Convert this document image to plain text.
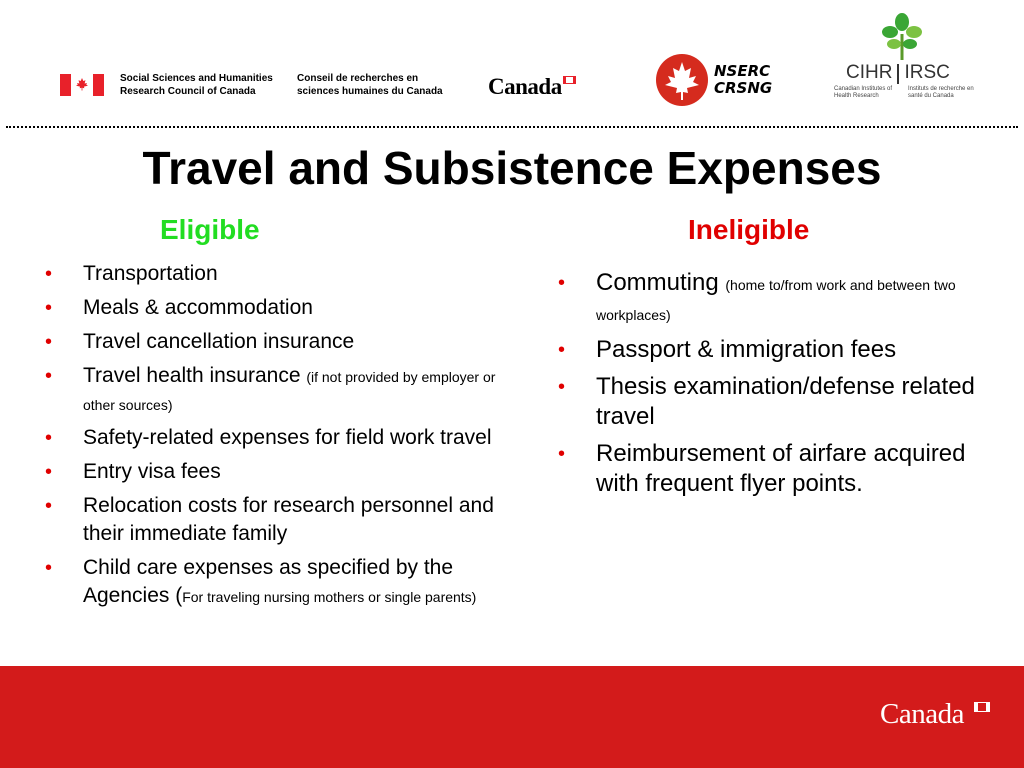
Social Sciences and Humanities
Research Council of Canada
Conseil de recherches en
sciences humaines du Canada	Canada
NSERC
CRSNG
CIHR IRSC
Canadian Institutes of Health Research
Instituts de recherche en santé du Canada
Travel and Subsistence Expenses
Eligible	Ineligible
• Transportation
• Meals & accommodation
• Travel cancellation insurance
• Travel health insurance (if not provided by employer or other sources)
• Safety-related expenses for field work travel
• Entry visa fees
• Relocation costs for research personnel and their immediate family
• Child care expenses as specified by the Agencies (For traveling nursing mothers or single parents)
• Commuting (home to/from work and between two workplaces)
• Passport & immigration fees
• Thesis examination/defense related travel
• Reimbursement of airfare acquired with frequent flyer points.
Canada
